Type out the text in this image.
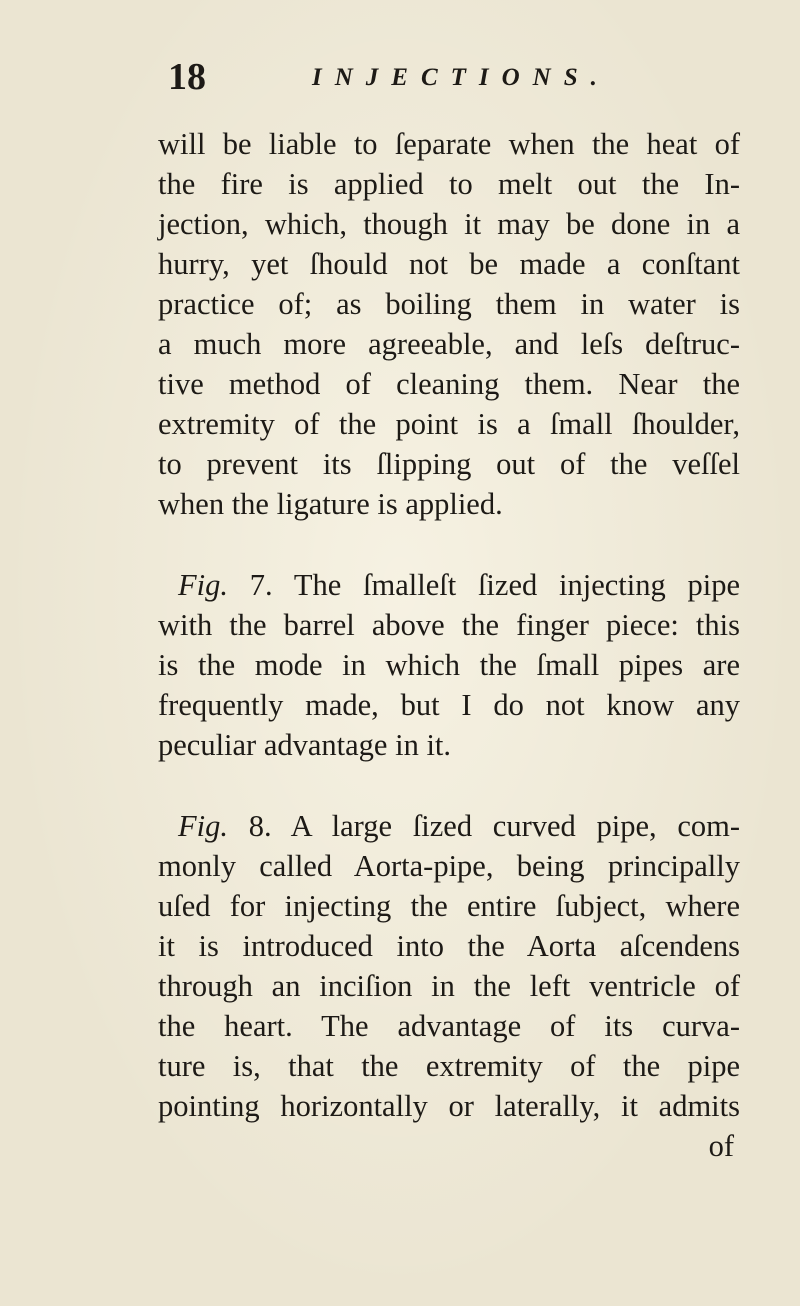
18	INJECTIONS.
will be liable to ſeparate when the heat of
the fire is applied to melt out the In-
jection, which, though it may be done in a
hurry, yet ſhould not be made a conſtant
practice of; as boiling them in water is
a much more agreeable, and leſs deſtruc-
tive method of cleaning them. Near the
extremity of the point is a ſmall ſhoulder,
to prevent its ſlipping out of the veſſel
when the ligature is applied.
Fig. 7. The ſmalleſt ſized injecting pipe
with the barrel above the finger piece: this
is the mode in which the ſmall pipes are
frequently made, but I do not know any
peculiar advantage in it.
Fig. 8. A large ſized curved pipe, com-
monly called Aorta-pipe, being principally
uſed for injecting the entire ſubject, where
it is introduced into the Aorta aſcendens
through an inciſion in the left ventricle of
the heart. The advantage of its curva-
ture is, that the extremity of the pipe
pointing horizontally or laterally, it admits
of
